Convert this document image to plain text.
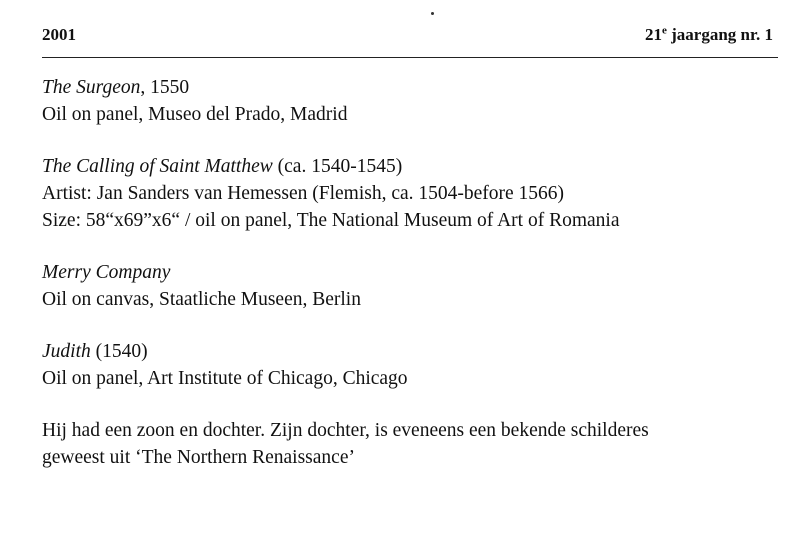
2001	21e jaargang nr. 1
The Surgeon, 1550
Oil on panel, Museo del Prado, Madrid
The Calling of Saint Matthew (ca. 1540-1545)
Artist: Jan Sanders van Hemessen (Flemish, ca. 1504-before 1566)
Size: 58“x69”x6“ / oil on panel, The National Museum of Art of Romania
Merry Company
Oil on canvas, Staatliche Museen, Berlin
Judith (1540)
Oil on panel, Art Institute of Chicago, Chicago
Hij had een zoon en dochter. Zijn dochter, is eveneens een bekende schilderes
geweest uit ‘The Northern Renaissance’
